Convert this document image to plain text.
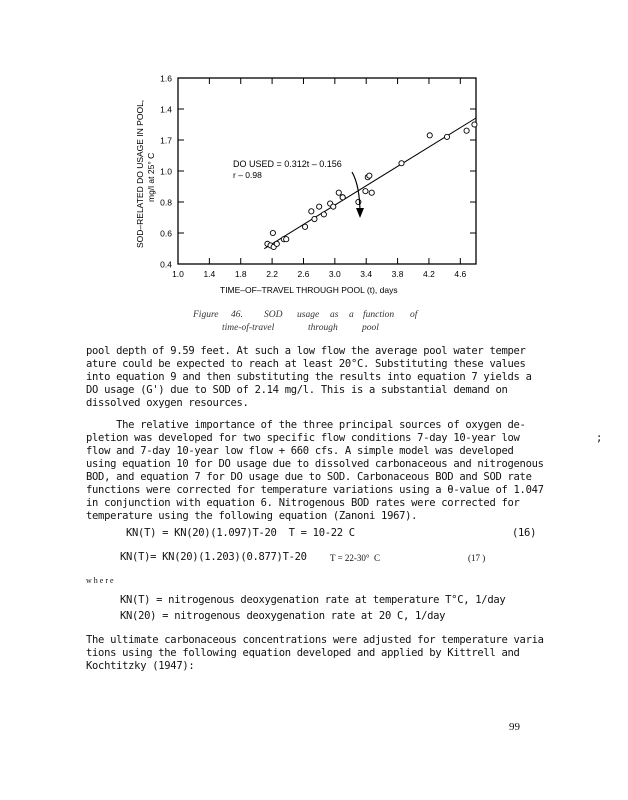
0.4
0.6
0.8
1.0
1.7
1.4
1.6
1.0 1.4 1.8 2.2 2.6 3.0 3.4 3.8 4.2 4.6
DO USED = 0.312t – 0.156
r – 0.98
TIME–OF–TRAVEL THROUGH POOL (t), days
SOD–RELATED DO USAGE IN POOL, mg/l at 25° C
Figure 46. SOD usage as a function of
time-of-travel	through	pool
pool depth of 9.59 feet. At such a low flow the average pool water temper
ature could be expected to reach at least 20°C. Substituting these values
into equation 9 and then substituting the results into equation 7 yields a
DO usage (G') due to SOD of 2.14 mg/l. This is a substantial demand on
dissolved oxygen resources.
The relative importance of the three principal sources of oxygen de-
pletion was developed for two specific flow conditions 7-day 10-year low
flow and 7-day 10-year low flow + 660 cfs. A simple model was developed
using equation 10 for DO usage due to dissolved carbonaceous and nitrogenous
BOD, and equation 7 for DO usage due to SOD. Carbonaceous BOD and SOD rate
functions were corrected for temperature variations using a θ-value of 1.047
in conjunction with equation 6. Nitrogenous BOD rates were corrected for
temperature using the following equation (Zanoni 1967).
;
KN(T) = KN(20)(1.097)T-20  T = 10-22 C	(16)
KN(T)= KN(20)(1.203)(0.877)T-20	T = 22-30°  C	(17 )
where
KN(T) = nitrogenous deoxygenation rate at temperature T°C, 1/day
KN(20) = nitrogenous deoxygenation rate at 20 C, 1/day
The ultimate carbonaceous concentrations were adjusted for temperature varia
tions using the following equation developed and applied by Kittrell and
Kochtitzky (1947):
99
